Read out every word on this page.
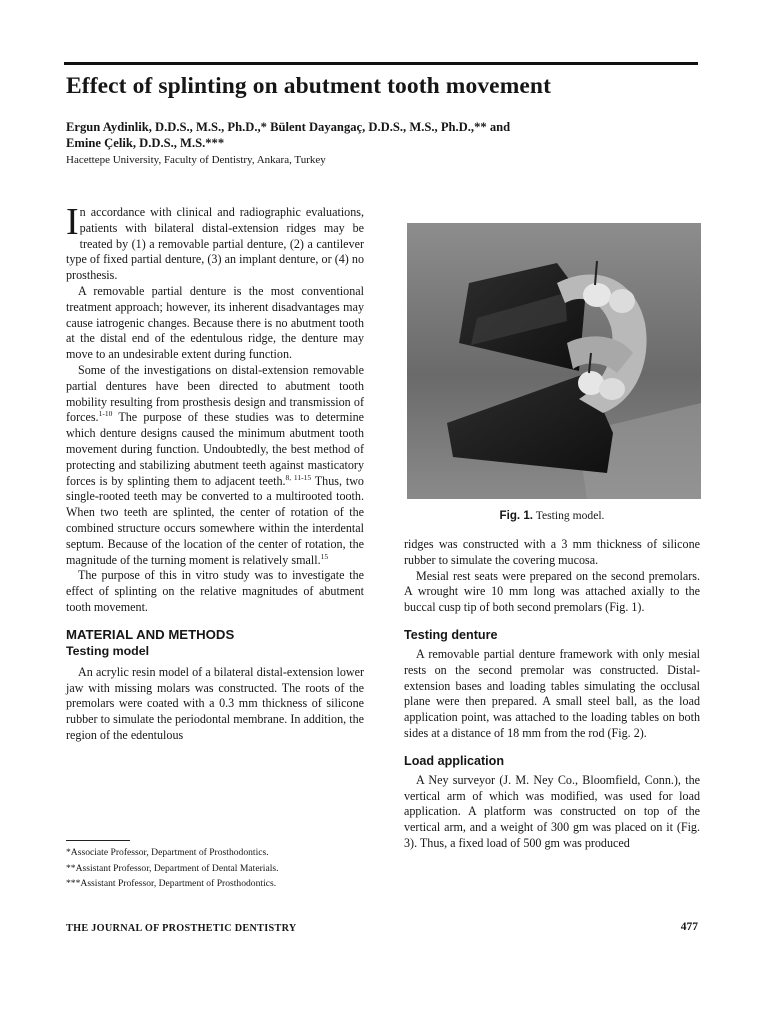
Effect of splinting on abutment tooth movement
Ergun Aydinlik, D.D.S., M.S., Ph.D.,* Bülent Dayangaç, D.D.S., M.S., Ph.D.,** and
Emine Çelik, D.D.S., M.S.***
Hacettepe University, Faculty of Dentistry, Ankara, Turkey

In accordance with clinical and radiographic evaluations, patients with bilateral distal-extension ridges may be treated by (1) a removable partial denture, (2) a cantilever type of fixed partial denture, (3) an implant denture, or (4) no prosthesis.

A removable partial denture is the most conventional treatment approach; however, its inherent disadvantages may cause iatrogenic changes. Because there is no abutment tooth at the distal end of the edentulous ridge, the denture may move to an undesirable extent during function.

Some of the investigations on distal-extension removable partial dentures have been directed to abutment tooth mobility resulting from prosthesis design and transmission of forces.$^{1-10}$ The purpose of these studies was to determine which denture designs caused the minimum abutment tooth movement during function. Undoubtedly, the best method of protecting and stabilizing abutment teeth against masticatory forces is by splinting them to adjacent teeth.$^{8, 11-15}$ Thus, two single-rooted teeth may be converted to a multirooted tooth. When two teeth are splinted, the center of rotation of the combined structure occurs somewhere within the interdental septum. Because of the location of the center of rotation, the magnitude of the turning moment is relatively small.$^{15}$

The purpose of this in vitro study was to investigate the effect of splinting on the relative magnitudes of abutment tooth movement.

MATERIAL AND METHODS
Testing model

An acrylic resin model of a bilateral distal-extension lower jaw with missing molars was constructed. The roots of the premolars were coated with a 0.3 mm thickness of silicone rubber to simulate the periodontal membrane. In addition, the region of the edentulous

Fig. 1. Testing model.

ridges was constructed with a 3 mm thickness of silicone rubber to simulate the covering mucosa.

Mesial rest seats were prepared on the second premolars. A wrought wire 10 mm long was attached axially to the buccal cusp tip of both second premolars (Fig. 1).

Testing denture

A removable partial denture framework with only mesial rests on the second premolar was constructed. Distal-extension bases and loading tables simulating the occlusal plane were then prepared. A small steel ball, as the load application point, was attached to the loading tables on both sides at a distance of 18 mm from the rod (Fig. 2).

Load application

A Ney surveyor (J. M. Ney Co., Bloomfield, Conn.), the vertical arm of which was modified, was used for load application. A platform was constructed on top of the vertical arm, and a weight of 300 gm was placed on it (Fig. 3). Thus, a fixed load of 500 gm was produced

*Associate Professor, Department of Prosthodontics.
**Assistant Professor, Department of Dental Materials.
***Assistant Professor, Department of Prosthodontics.
THE JOURNAL OF PROSTHETIC DENTISTRY	477
